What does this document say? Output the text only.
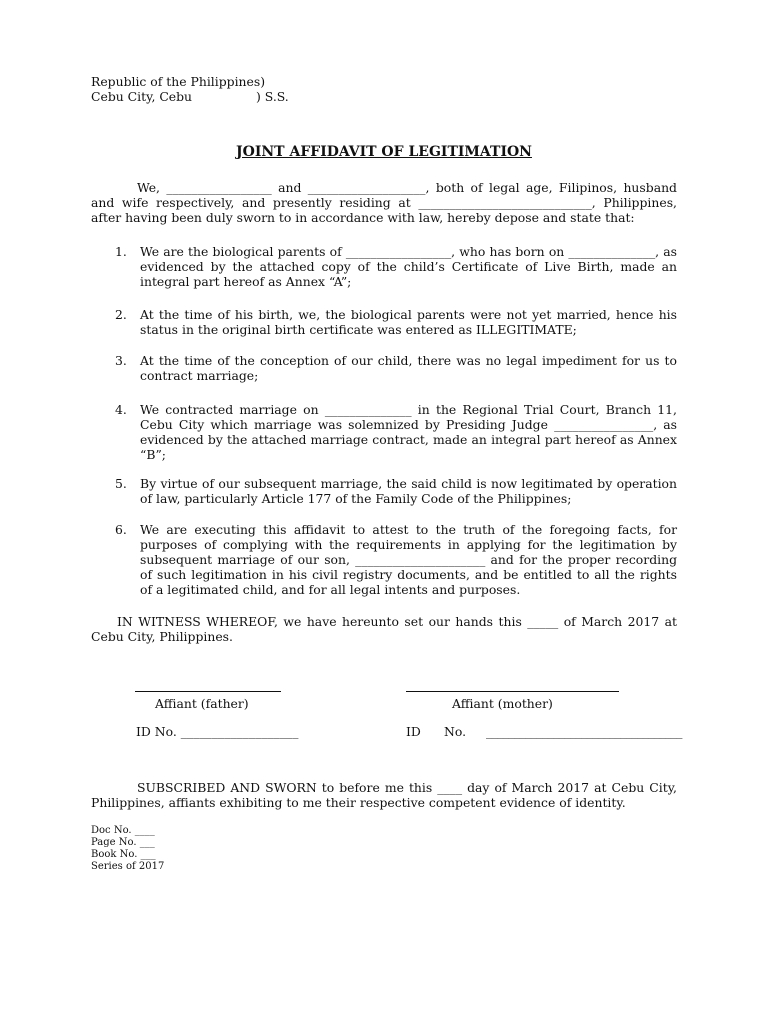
Republic of the Philippines)
Cebu City, Cebu	) S.S.
JOINT AFFIDAVIT OF LEGITIMATION
We, _________________ and ___________________, both of legal age, Filipinos, husband and wife respectively, and presently residing at ____________________________, Philippines, after having been duly sworn to in accordance with law, hereby depose and state that:
1. We are the biological parents of _________________, who has born on ______________, as evidenced by the attached copy of the child’s Certificate of Live Birth, made an integral part hereof as Annex “A”;
2. At the time of his birth, we, the biological parents were not yet married, hence his status in the original birth certificate was entered as ILLEGITIMATE;
3. At the time of the conception of our child, there was no legal impediment for us to contract marriage;
4. We contracted marriage on ______________ in the Regional Trial Court, Branch 11, Cebu City which marriage was solemnized by Presiding Judge ________________, as evidenced by the attached marriage contract, made an integral part hereof as Annex “B”;
5. By virtue of our subsequent marriage, the said child is now legitimated by operation of law, particularly Article 177 of the Family Code of the Philippines;
6. We are executing this affidavit to attest to the truth of the foregoing facts, for purposes of complying with the requirements in applying for the legitimation by subsequent marriage of our son, _____________________ and for the proper recording of such legitimation in his civil registry documents, and be entitled to all the rights of a legitimated child, and for all legal intents and purposes.
IN WITNESS WHEREOF, we have hereunto set our hands this _____ of March 2017 at Cebu City, Philippines.
Affiant (father)	Affiant (mother)
ID No. ___________________	ID No. ___________________________________
SUBSCRIBED AND SWORN to before me this ____ day of March 2017 at Cebu City, Philippines, affiants exhibiting to me their respective competent evidence of identity.
Doc No. ____
Page No. ___
Book No. ___
Series of 2017
